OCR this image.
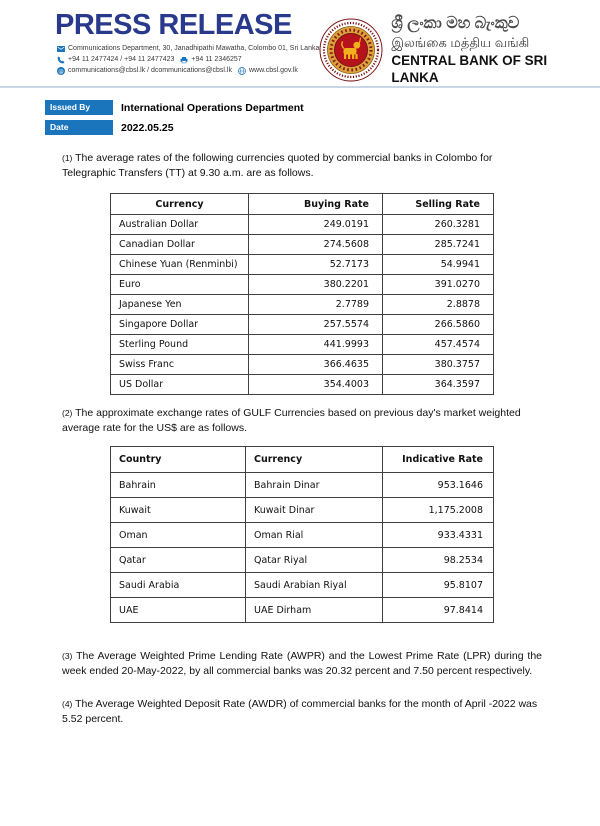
PRESS RELEASE
Communications Department, 30, Janadhipathi Mawatha, Colombo 01, Sri Lanka
+94 11 2477424 / +94 11 2477423 +94 11 2346257
@ communications@cbsl.lk / dcommunications@cbsl.lk www.cbsl.gov.lk
ශ්‍රී ලංකා මහ බැංකුව
இலங்கை மத்திய வங்கி
CENTRAL BANK OF SRI LANKA
Issued By	International Operations Department
Date	2022.05.25

(1) The average rates of the following currencies quoted by commercial banks in Colombo for Telegraphic Transfers (TT) at 9.30 a.m. are as follows.

Currency	Buying Rate	Selling Rate
Australian Dollar	249.0191	260.3281
Canadian Dollar	274.5608	285.7241
Chinese Yuan (Renminbi)	52.7173	54.9941
Euro	380.2201	391.0270
Japanese Yen	2.7789	2.8878
Singapore Dollar	257.5574	266.5860
Sterling Pound	441.9993	457.4574
Swiss Franc	366.4635	380.3757
US Dollar	354.4003	364.3597

(2) The approximate exchange rates of GULF Currencies based on previous day's market weighted average rate for the US$ are as follows.

Country	Currency	Indicative Rate
Bahrain	Bahrain Dinar	953.1646
Kuwait	Kuwait Dinar	1,175.2008
Oman	Oman Rial	933.4331
Qatar	Qatar Riyal	98.2534
Saudi Arabia	Saudi Arabian Riyal	95.8107
UAE	UAE Dirham	97.8414

(3) The Average Weighted Prime Lending Rate (AWPR) and the Lowest Prime Rate (LPR) during the week ended 20-May-2022, by all commercial banks was 20.32 percent and 7.50 percent respectively.

(4) The Average Weighted Deposit Rate (AWDR) of commercial banks for the month of April -2022 was 5.52 percent.
